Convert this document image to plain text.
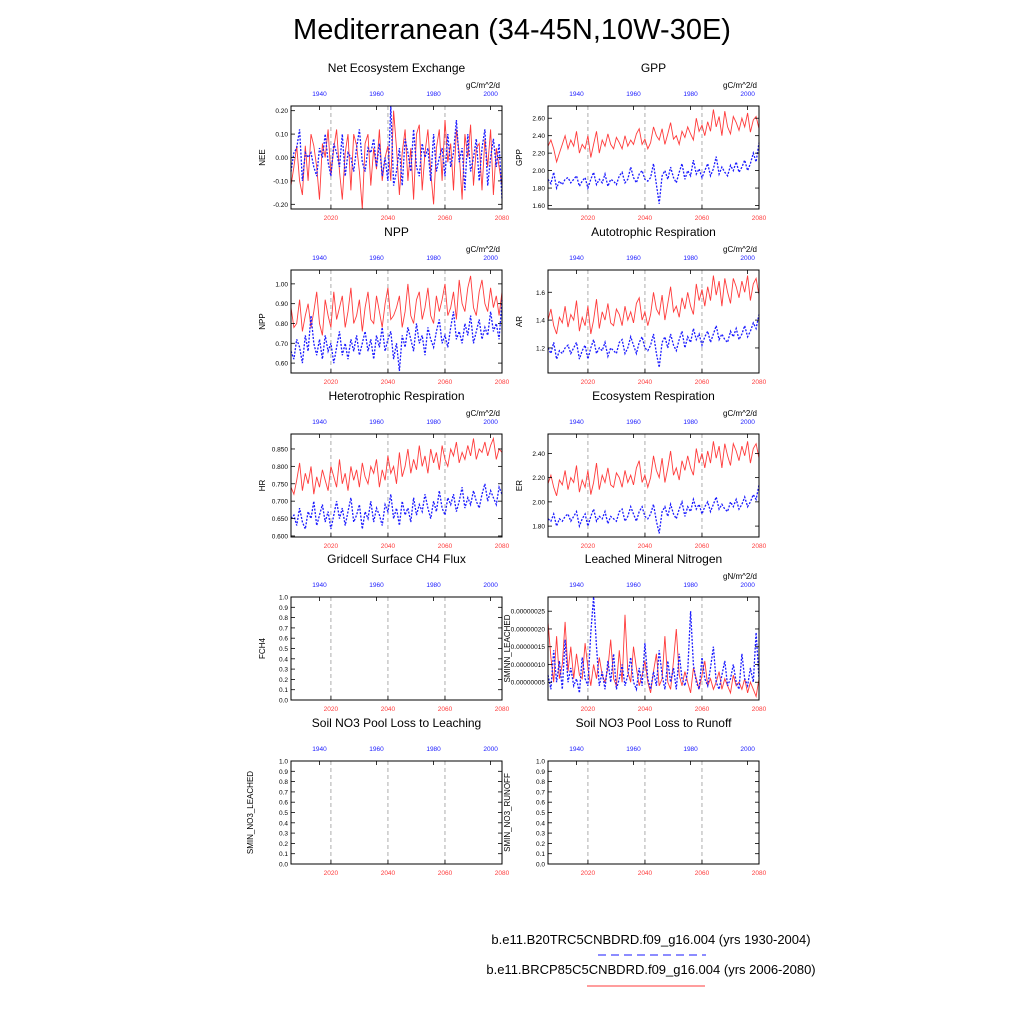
Mediterranean (34-45N,10W-30E)
Net Ecosystem Exchange
gC/m^2/d
-0.20
-0.10
0.00
0.10
0.20
2020	2040	2060	2080
1940	1960	1980	2000
NEE
GPP
gC/m^2/d
1.60
1.80
2.00
2.20
2.40
2.60
2020	2040	2060	2080
1940	1960	1980	2000
GPP
NPP
gC/m^2/d
0.60
0.70
0.80
0.90
1.00
2020	2040	2060	2080
1940	1960	1980	2000
NPP
Autotrophic Respiration
gC/m^2/d
1.2
1.4
1.6
2020	2040	2060	2080
1940	1960	1980	2000
AR
Heterotrophic Respiration
gC/m^2/d
0.600
0.650
0.700
0.750
0.800
0.850
2020	2040	2060	2080
1940	1960	1980	2000
HR
Ecosystem Respiration
gC/m^2/d
1.80
2.00
2.20
2.40
2020	2040	2060	2080
1940	1960	1980	2000
ER
Gridcell Surface CH4 Flux
0.0
0.1
0.2
0.3
0.4
0.5
0.6
0.7
0.8
0.9
1.0
2020	2040	2060	2080
1940	1960	1980	2000
FCH4
Leached Mineral Nitrogen
gN/m^2/d
0.00000005
0.00000010
0.00000015
0.00000020
0.00000025
2020	2040	2060	2080
1940	1960	1980	2000
SMINN_LEACHED
Soil NO3 Pool Loss to Leaching
0.0
0.1
0.2
0.3
0.4
0.5
0.6
0.7
0.8
0.9
1.0
2020	2040	2060	2080
1940	1960	1980	2000
SMIN_NO3_LEACHED
Soil NO3 Pool Loss to Runoff
0.0
0.1
0.2
0.3
0.4
0.5
0.6
0.7
0.8
0.9
1.0
2020	2040	2060	2080
1940	1960	1980	2000
SMIN_NO3_RUNOFF
b.e11.B20TRC5CNBDRD.f09_g16.004 (yrs 1930-2004)
b.e11.BRCP85C5CNBDRD.f09_g16.004 (yrs 2006-2080)
